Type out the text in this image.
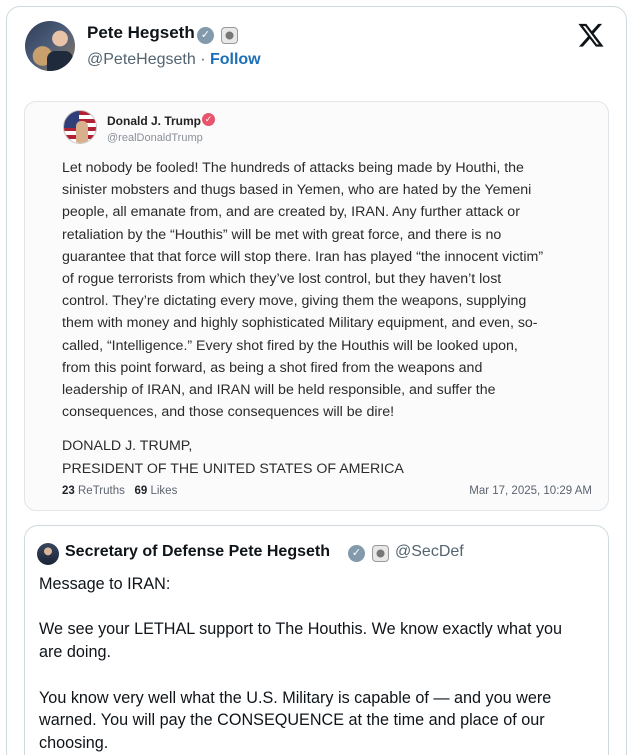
Pete Hegseth ✓
@PeteHegseth · Follow
Donald J. Trump ✓
@realDonaldTrump
Let nobody be fooled! The hundreds of attacks being made by Houthi, the
sinister mobsters and thugs based in Yemen, who are hated by the Yemeni
people, all emanate from, and are created by, IRAN. Any further attack or
retaliation by the “Houthis” will be met with great force, and there is no
guarantee that that force will stop there. Iran has played “the innocent victim”
of rogue terrorists from which they’ve lost control, but they haven’t lost
control. They’re dictating every move, giving them the weapons, supplying
them with money and highly sophisticated Military equipment, and even, so-
called, “Intelligence.” Every shot fired by the Houthis will be looked upon,
from this point forward, as being a shot fired from the weapons and
leadership of IRAN, and IRAN will be held responsible, and suffer the
consequences, and those consequences will be dire!
DONALD J. TRUMP,
PRESIDENT OF THE UNITED STATES OF AMERICA
23 ReTruths 69 Likes	Mar 17, 2025, 10:29 AM
Secretary of Defense Pete Hegseth	✓ @SecDef
Message to IRAN:

We see your LETHAL support to The Houthis. We know exactly what you
are doing.

You know very well what the U.S. Military is capable of — and you were
warned. You will pay the CONSEQUENCE at the time and place of our
choosing.
